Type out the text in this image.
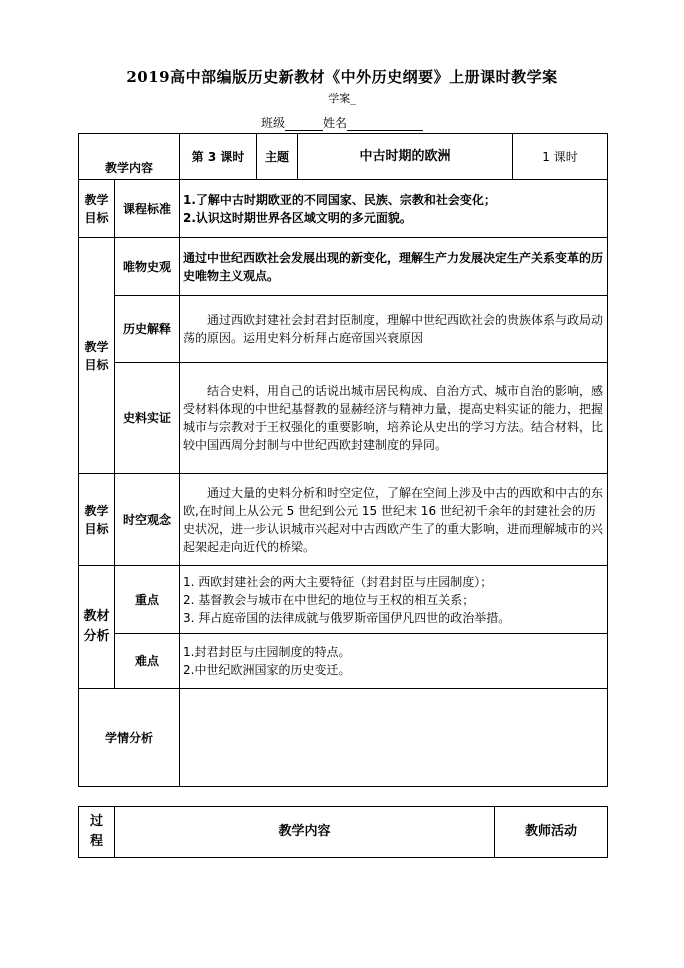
2019高中部编版历史新教材《中外历史纲要》上册课时教学案
学案_
班级	姓名
教学内容		第 3 课时	主题	中古时期的欧洲	1 课时
教学目标	课程标准	1.了解中古时期欧亚的不同国家、民族、宗教和社会变化；
2.认识这时期世界各区域文明的多元面貌。			

教学目标	唯物史观	通过中世纪西欧社会发展出现的新变化，理解生产力发展决定生产关系变革的历史唯物主义观点。			
	历史解释	通过西欧封建社会封君封臣制度，理解中世纪西欧社会的贵族体系与政局动荡的原因。运用史料分析拜占庭帝国兴衰原因			
	史料实证	结合史料，用自己的话说出城市居民构成、自治方式、城市自治的影响，感受材料体现的中世纪基督教的显赫经济与精神力量，提高史料实证的能力，把握城市与宗教对于王权强化的重要影响，培养论从史出的学习方法。结合材料，比较中国西周分封制与中世纪西欧封建制度的异同。			
教学目标	时空观念	通过大量的史料分析和时空定位，了解在空间上涉及中古的西欧和中古的东欧,在时间上从公元 5 世纪到公元 15 世纪末 16 世纪初千余年的封建社会的历史状况，进一步认识城市兴起对中古西欧产生了的重大影响，进而理解城市的兴起架起走向近代的桥梁。			
教材分析	重点	1. 西欧封建社会的两大主要特征（封君封臣与庄园制度）；
2. 基督教会与城市在中世纪的地位与王权的相互关系；
3. 拜占庭帝国的法律成就与俄罗斯帝国伊凡四世的政治举措。			

	难点	1.封君封臣与庄园制度的特点。
2.中世纪欧洲国家的历史变迁。			

学情分析					
过程	教学内容	教师活动
